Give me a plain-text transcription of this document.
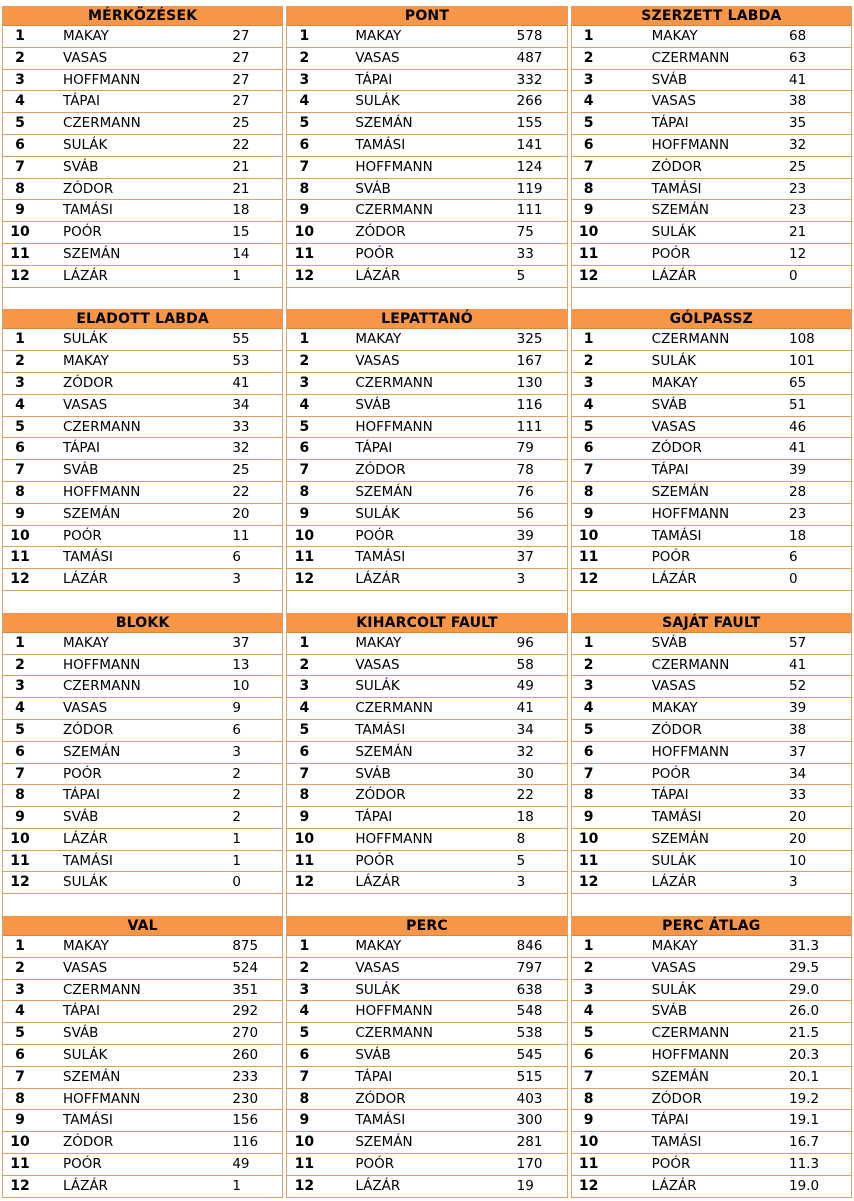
MÉRKŐZÉSEK
1	MAKAY	27
2	VASAS	27
3	HOFFMANN	27
4	TÁPAI	27
5	CZERMANN	25
6	SULÁK	22
7	SVÁB	21
8	ZÓDOR	21
9	TAMÁSI	18
10	POÓR	15
11	SZEMÁN	14
12	LÁZÁR	1
PONT
1	MAKAY	578
2	VASAS	487
3	TÁPAI	332
4	SULÁK	266
5	SZEMÁN	155
6	TAMÁSI	141
7	HOFFMANN	124
8	SVÁB	119
9	CZERMANN	111
10	ZÓDOR	75
11	POÓR	33
12	LÁZÁR	5
SZERZETT LABDA
1	MAKAY	68
2	CZERMANN	63
3	SVÁB	41
4	VASAS	38
5	TÁPAI	35
6	HOFFMANN	32
7	ZÓDOR	25
8	TAMÁSI	23
9	SZEMÁN	23
10	SULÁK	21
11	POÓR	12
12	LÁZÁR	0
ELADOTT LABDA
1	SULÁK	55
2	MAKAY	53
3	ZÓDOR	41
4	VASAS	34
5	CZERMANN	33
6	TÁPAI	32
7	SVÁB	25
8	HOFFMANN	22
9	SZEMÁN	20
10	POÓR	11
11	TAMÁSI	6
12	LÁZÁR	3
LEPATTANÓ
1	MAKAY	325
2	VASAS	167
3	CZERMANN	130
4	SVÁB	116
5	HOFFMANN	111
6	TÁPAI	79
7	ZÓDOR	78
8	SZEMÁN	76
9	SULÁK	56
10	POÓR	39
11	TAMÁSI	37
12	LÁZÁR	3
GÓLPASSZ
1	CZERMANN	108
2	SULÁK	101
3	MAKAY	65
4	SVÁB	51
5	VASAS	46
6	ZÓDOR	41
7	TÁPAI	39
8	SZEMÁN	28
9	HOFFMANN	23
10	TAMÁSI	18
11	POÓR	6
12	LÁZÁR	0
BLOKK
1	MAKAY	37
2	HOFFMANN	13
3	CZERMANN	10
4	VASAS	9
5	ZÓDOR	6
6	SZEMÁN	3
7	POÓR	2
8	TÁPAI	2
9	SVÁB	2
10	LÁZÁR	1
11	TAMÁSI	1
12	SULÁK	0
KIHARCOLT FAULT
1	MAKAY	96
2	VASAS	58
3	SULÁK	49
4	CZERMANN	41
5	TAMÁSI	34
6	SZEMÁN	32
7	SVÁB	30
8	ZÓDOR	22
9	TÁPAI	18
10	HOFFMANN	8
11	POÓR	5
12	LÁZÁR	3
SAJÁT FAULT
1	SVÁB	57
2	CZERMANN	41
3	VASAS	52
4	MAKAY	39
5	ZÓDOR	38
6	HOFFMANN	37
7	POÓR	34
8	TÁPAI	33
9	TAMÁSI	20
10	SZEMÁN	20
11	SULÁK	10
12	LÁZÁR	3
VAL
1	MAKAY	875
2	VASAS	524
3	CZERMANN	351
4	TÁPAI	292
5	SVÁB	270
6	SULÁK	260
7	SZEMÁN	233
8	HOFFMANN	230
9	TAMÁSI	156
10	ZÓDOR	116
11	POÓR	49
12	LÁZÁR	1
PERC
1	MAKAY	846
2	VASAS	797
3	SULÁK	638
4	HOFFMANN	548
5	CZERMANN	538
6	SVÁB	545
7	TÁPAI	515
8	ZÓDOR	403
9	TAMÁSI	300
10	SZEMÁN	281
11	POÓR	170
12	LÁZÁR	19
PERC ÁTLAG
1	MAKAY	31.3
2	VASAS	29.5
3	SULÁK	29.0
4	SVÁB	26.0
5	CZERMANN	21.5
6	HOFFMANN	20.3
7	SZEMÁN	20.1
8	ZÓDOR	19.2
9	TÁPAI	19.1
10	TAMÁSI	16.7
11	POÓR	11.3
12	LÁZÁR	19.0
